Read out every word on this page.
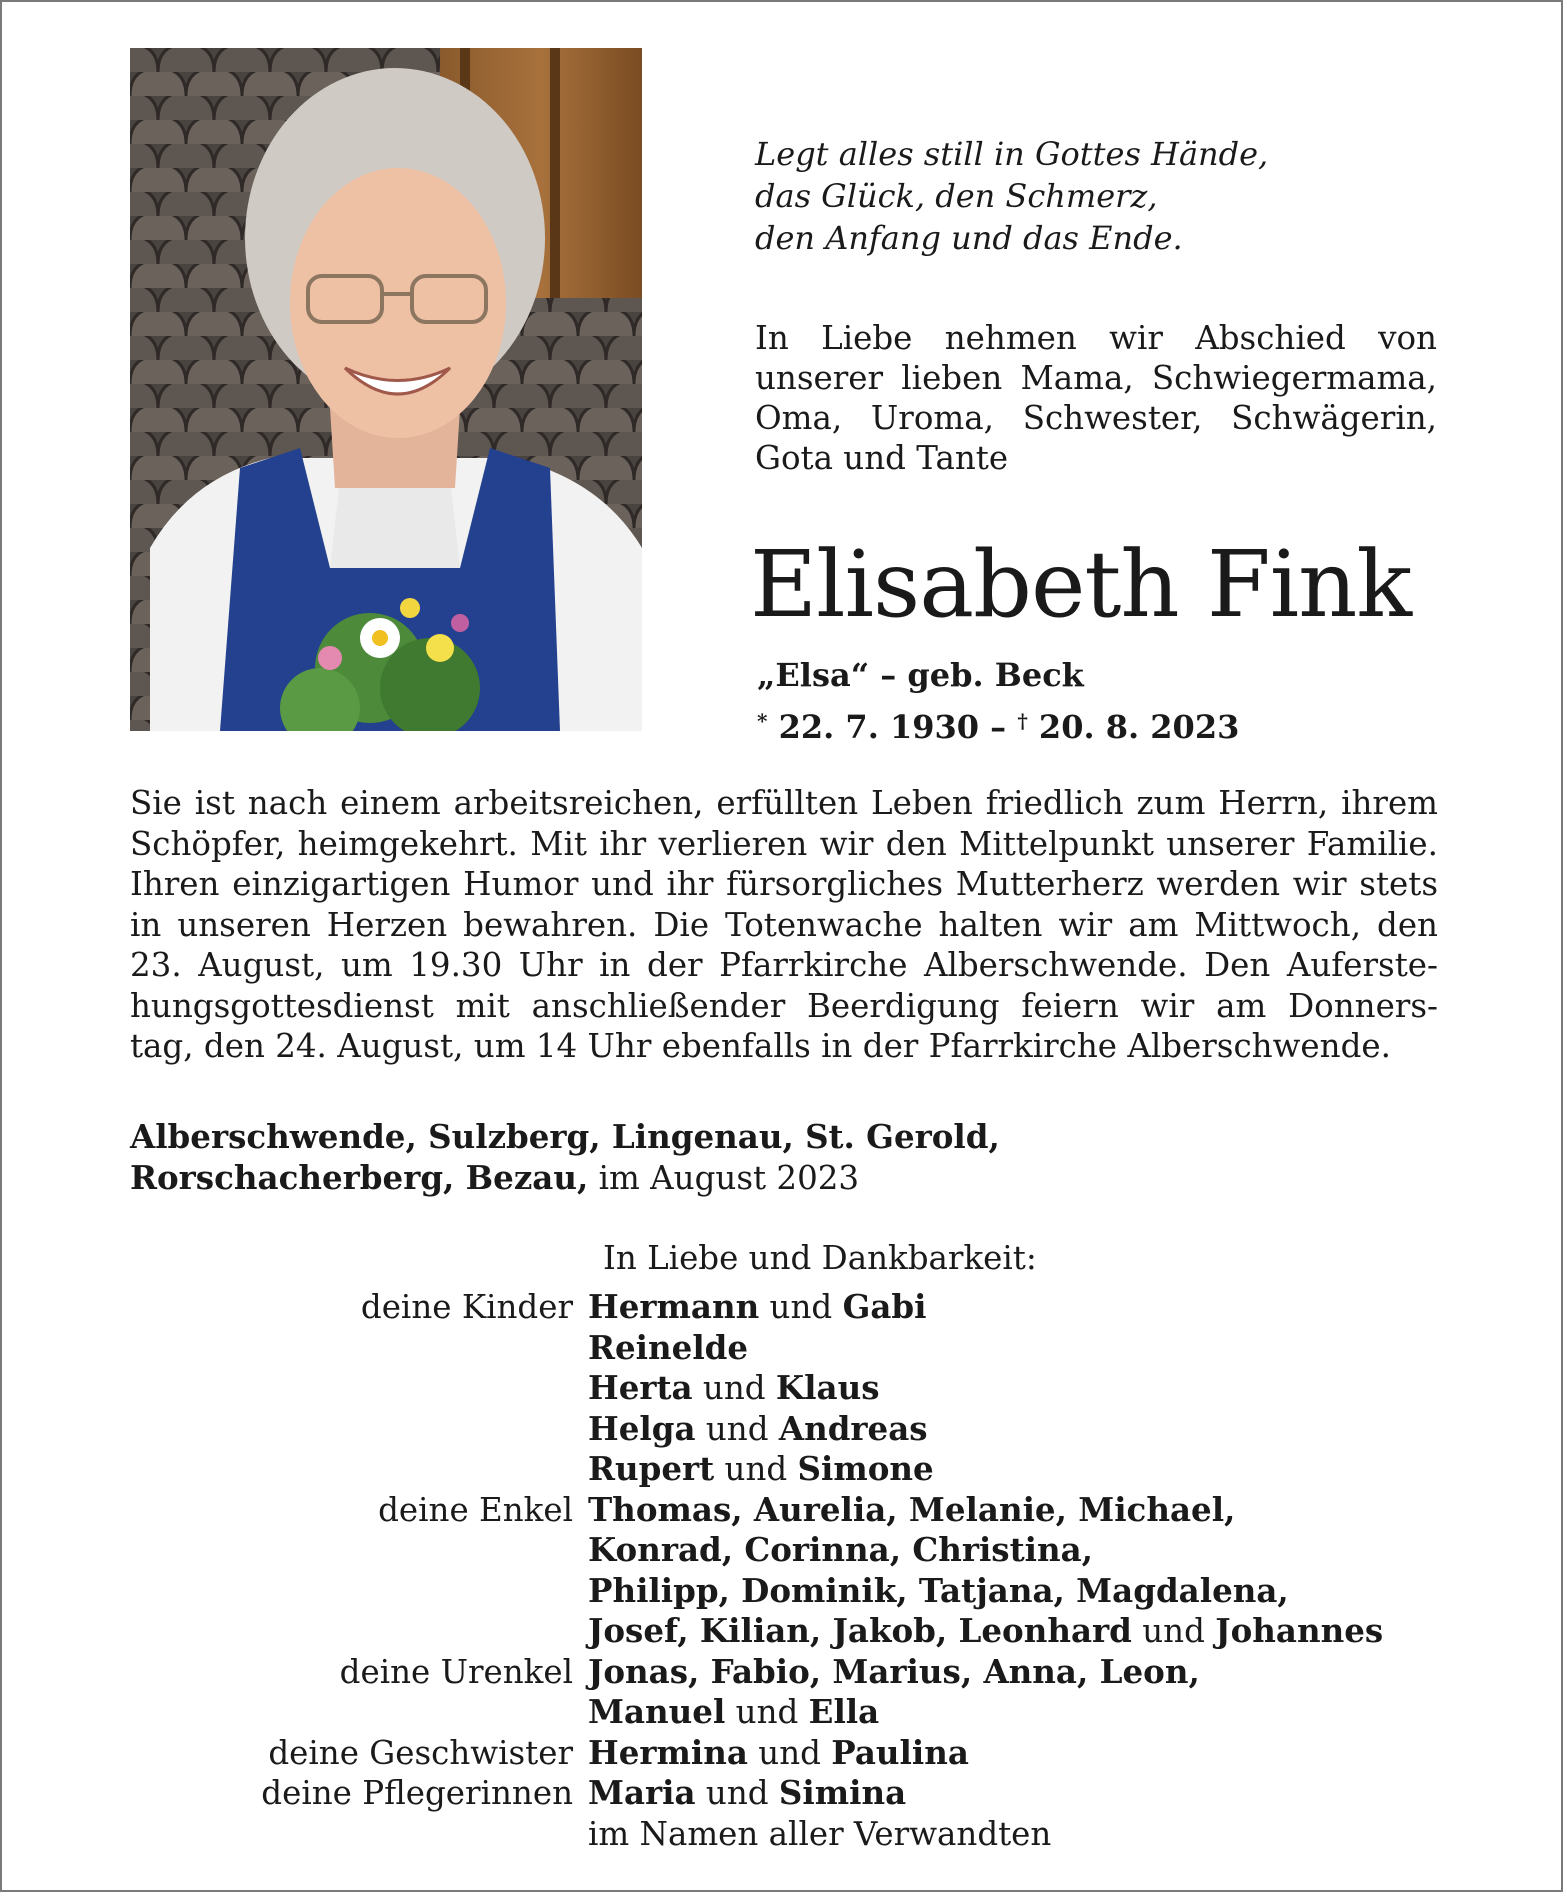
Legt alles still in Gottes Hände,
das Glück, den Schmerz,
den Anfang und das Ende.
In Liebe nehmen wir Abschied von unserer lieben Mama, Schwiegermama, Oma, Uroma, Schwester, Schwägerin, Gota und Tante
Elisabeth Fink
„Elsa“ – geb. Beck
* 22. 7. 1930 – † 20. 8. 2023
Sie ist nach einem arbeitsreichen, erfüllten Leben friedlich zum Herrn, ihrem
Schöpfer, heimgekehrt. Mit ihr verlieren wir den Mittelpunkt unserer Familie.
Ihren einzigartigen Humor und ihr fürsorgliches Mutterherz werden wir stets
in unseren Herzen bewahren. Die Totenwache halten wir am Mittwoch, den
23. August, um 19.30 Uhr in der Pfarrkirche Alberschwende. Den Auferste-
hungsgottesdienst mit anschließender Beerdigung feiern wir am Donners-
tag, den 24. August, um 14 Uhr ebenfalls in der Pfarrkirche Alberschwende.
Alberschwende, Sulzberg, Lingenau, St. Gerold,
Rorschacherberg, Bezau, im August 2023
In Liebe und Dankbarkeit:
deine Kinder Hermann und Gabi
Reinelde
Herta und Klaus
Helga und Andreas
Rupert und Simone
deine Enkel Thomas, Aurelia, Melanie, Michael,
Konrad, Corinna, Christina,
Philipp, Dominik, Tatjana, Magdalena,
Josef, Kilian, Jakob, Leonhard und Johannes
deine Urenkel Jonas, Fabio, Marius, Anna, Leon,
Manuel und Ella
deine Geschwister Hermina und Paulina
deine Pflegerinnen Maria und Simina
im Namen aller Verwandten
